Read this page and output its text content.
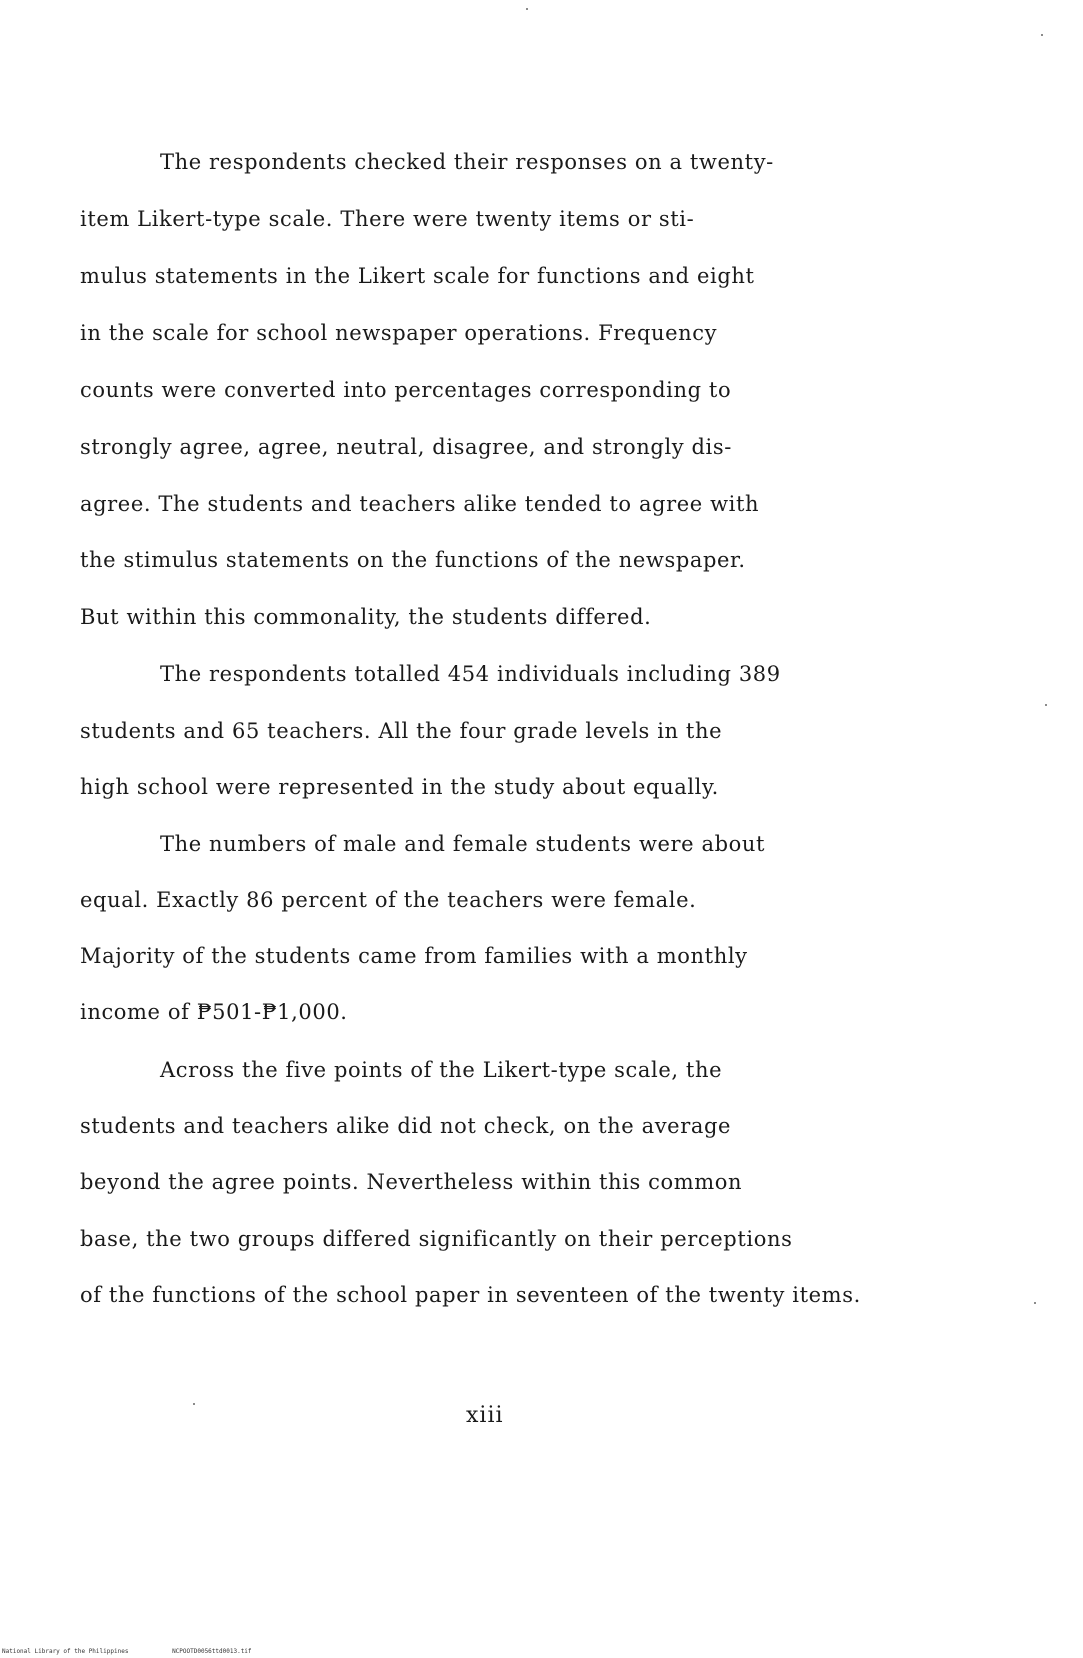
The respondents checked their responses on a twenty-
item Likert-type scale. There were twenty items or sti-
mulus statements in the Likert scale for functions and eight
in the scale for school newspaper operations. Frequency
counts were converted into percentages corresponding to
strongly agree, agree, neutral, disagree, and strongly dis-
agree. The students and teachers alike tended to agree with
the stimulus statements on the functions of the newspaper.
But within this commonality, the students differed.
The respondents totalled 454 individuals including 389
students and 65 teachers. All the four grade levels in the
high school were represented in the study about equally.
The numbers of male and female students were about
equal. Exactly 86 percent of the teachers were female.
Majority of the students came from families with a monthly
income of ₱501-₱1,000.
Across the five points of the Likert-type scale, the
students and teachers alike did not check, on the average
beyond the agree points. Nevertheless within this common
base, the two groups differed significantly on their perceptions
of the functions of the school paper in seventeen of the twenty items.
xiii
National Library of the Philippines	NCPOOTD0056ttd0013.tif
